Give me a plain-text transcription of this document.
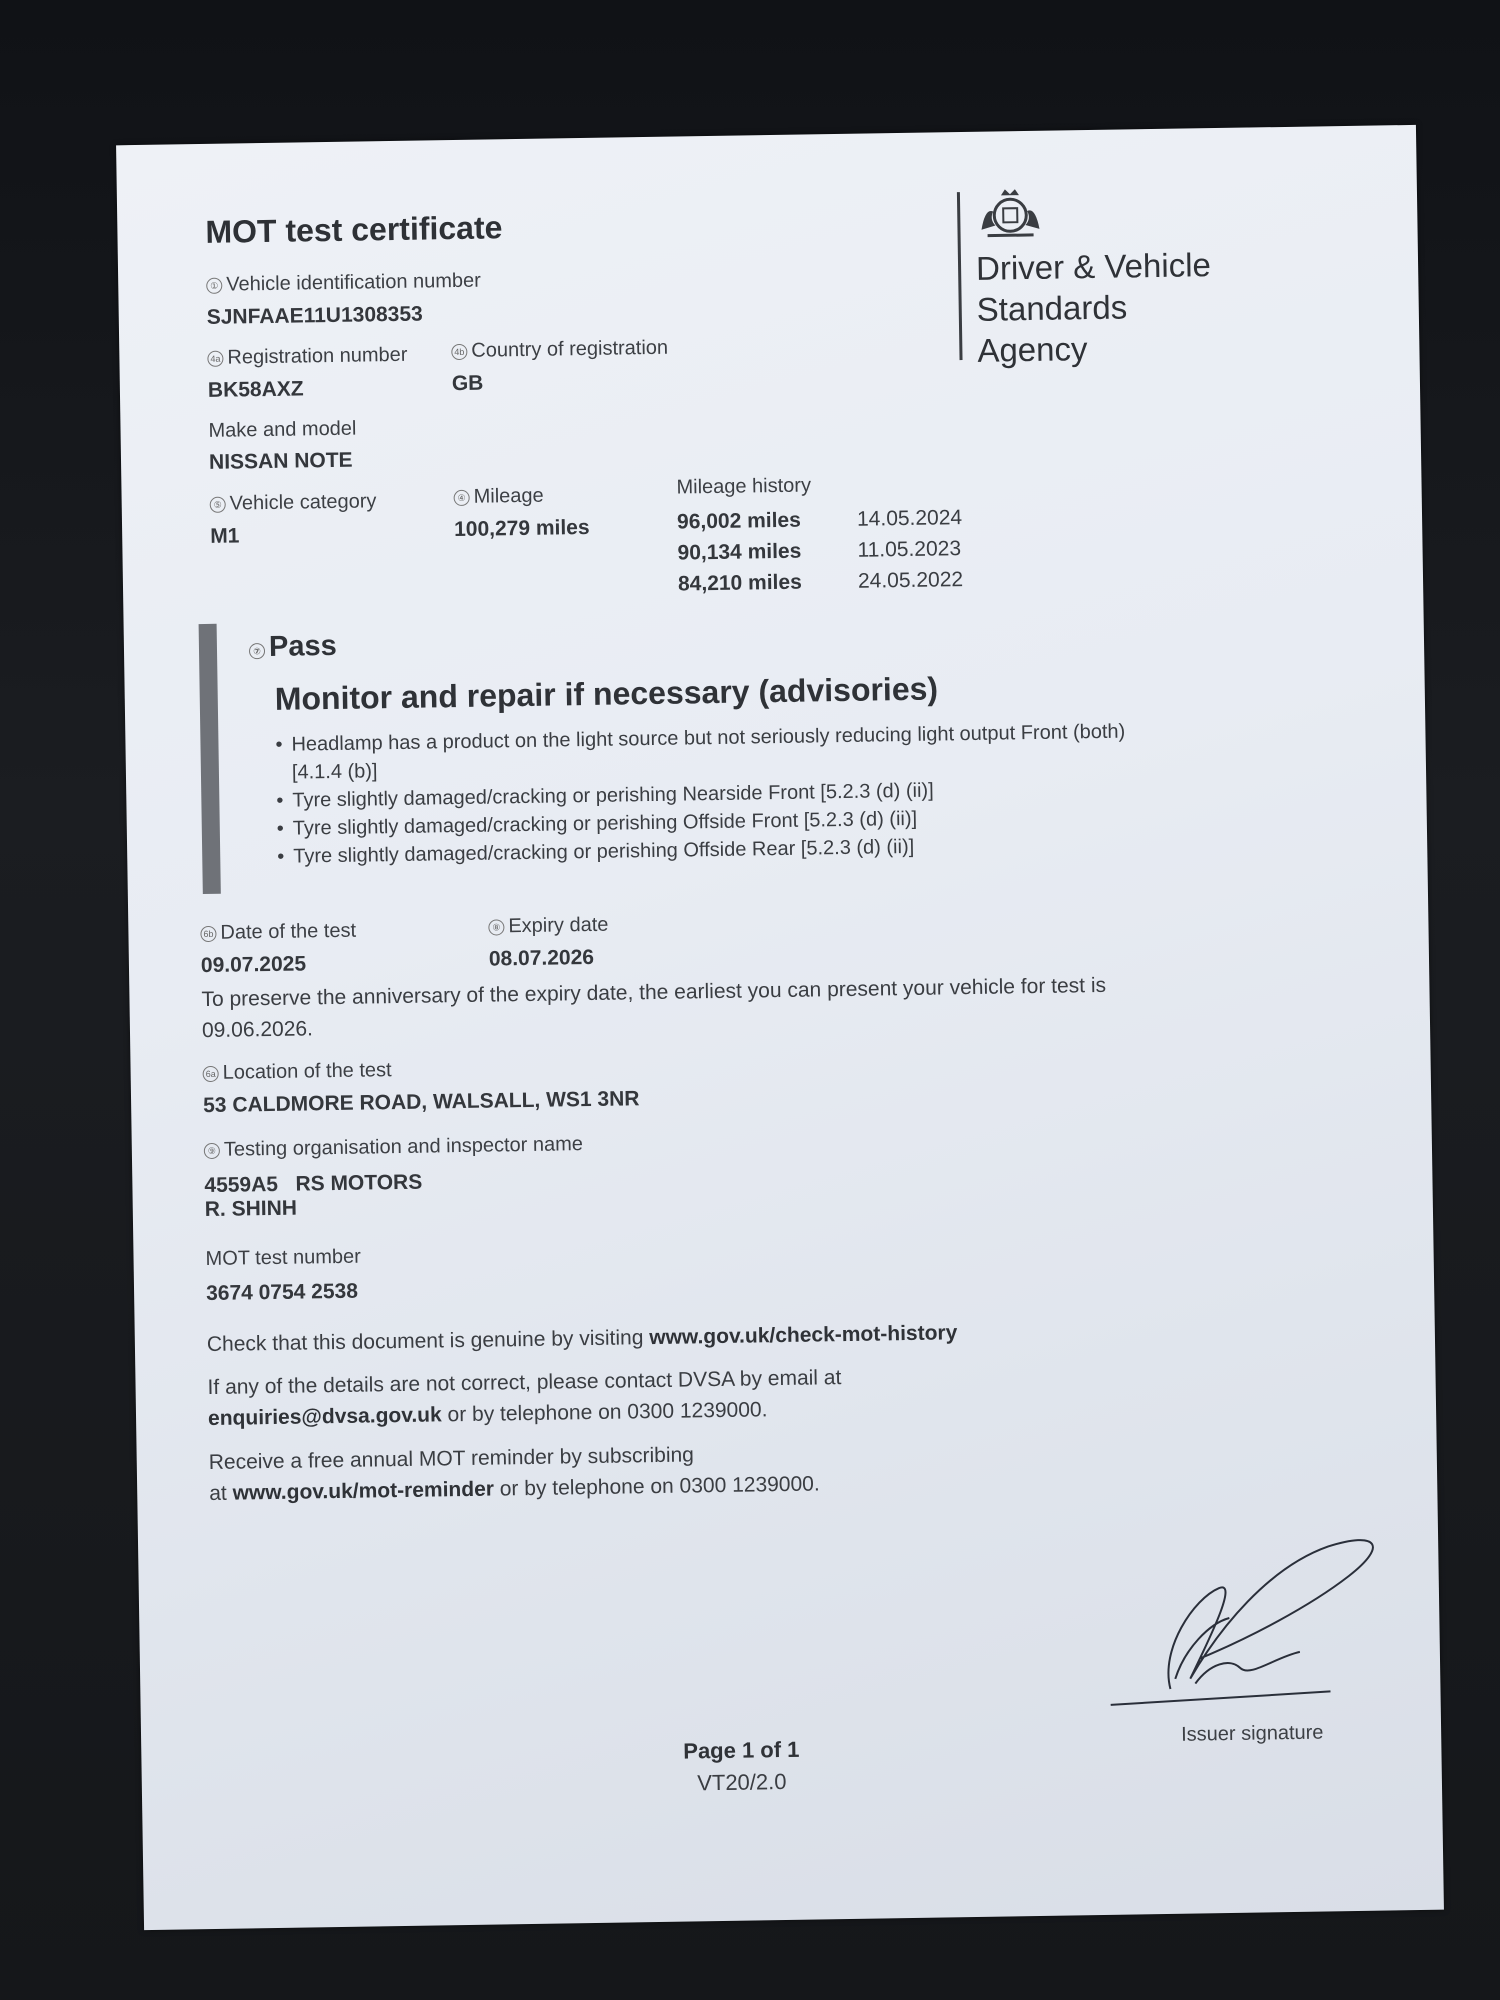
MOT test certificate
Driver & Vehicle
Standards
Agency
① Vehicle identification number
SJNFAAE11U1308353
4a Registration number
BK58AXZ
4b Country of registration
GB
Make and model
NISSAN NOTE
⑤ Vehicle category
M1
④ Mileage
100,279 miles
Mileage history
96,002 miles	14.05.2024
90,134 miles	11.05.2023
84,210 miles	24.05.2022
⑦ Pass
Monitor and repair if necessary (advisories)
• Headlamp has a product on the light source but not seriously reducing light output Front (both) [4.1.4 (b)]
• Tyre slightly damaged/cracking or perishing Nearside Front [5.2.3 (d) (ii)]
• Tyre slightly damaged/cracking or perishing Offside Front [5.2.3 (d) (ii)]
• Tyre slightly damaged/cracking or perishing Offside Rear [5.2.3 (d) (ii)]
6b Date of the test
09.07.2025
⑧ Expiry date
08.07.2026
To preserve the anniversary of the expiry date, the earliest you can present your vehicle for test is 09.06.2026.
6a Location of the test
53 CALDMORE ROAD, WALSALL, WS1 3NR
⑨ Testing organisation and inspector name
4559A5   RS MOTORS
R. SHINH
MOT test number
3674 0754 2538
Check that this document is genuine by visiting www.gov.uk/check-mot-history
If any of the details are not correct, please contact DVSA by email at
enquiries@dvsa.gov.uk or by telephone on 0300 1239000.
Receive a free annual MOT reminder by subscribing
at www.gov.uk/mot-reminder or by telephone on 0300 1239000.
Issuer signature
Page 1 of 1
VT20/2.0
